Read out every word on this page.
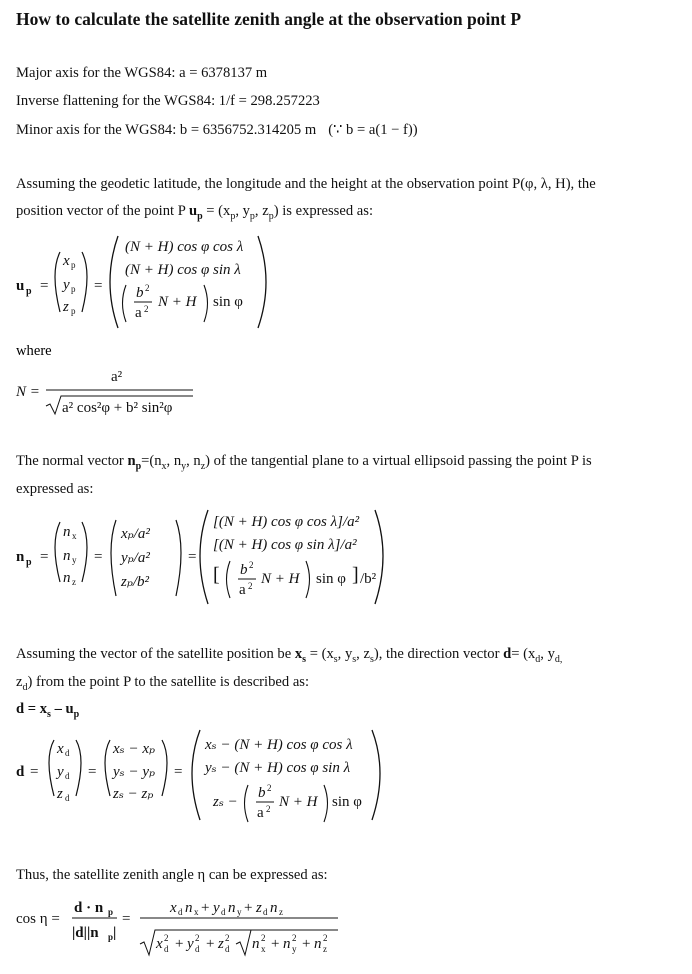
How to calculate the satellite zenith angle at the observation point P
Major axis for the WGS84: a = 6378137 m
Inverse flattening for the WGS84: 1/f = 298.257223
Minor axis for the WGS84: b = 6356752.314205 m (∵ b = a(1 − f))
Assuming the geodetic latitude, the longitude and the height at the observation point P(φ, λ, H), the
position vector of the point P $u_p = (x_p$, $y_p$, $z_p$) is expressed as:
u p =
x p
y p
z p
=
(N + H) cos φ cos λ
(N + H) cos φ sin λ
b 2
a 2 N + H sin φ
where
N =
a²
a² cos²φ + b² sin²φ
n p =
n x
n y
n z
=
xₚ/a²
yₚ/a²
zₚ/b²
=
[(N + H) cos φ cos λ]/a²
[(N + H) cos φ sin λ]/a²
[ b 2
a 2 N + H sin φ ] /b²
d =
x d
y d
z d
=
xₛ − xₚ
yₛ − yₚ
zₛ − zₚ
=
xₛ − (N + H) cos φ cos λ
yₛ − (N + H) cos φ sin λ
zₛ −
b 2
a 2 N + H sin φ
cos η =
d · n p
|d||n p |
=
x d n x + y d n y + z d n z
x 2
d + y 2
d + z 2
d n 2
x + n 2
y + n 2
z
The normal vector $n_p=(n_x$, $n_y$, $n_z$) of the tangential plane to a virtual ellipsoid passing the point P is
expressed as:
Assuming the vector of the satellite position be $x_s = (x_s$, $y_s$, $z_s$), the direction vector $d= (x_d$, $y_{d,}$
$z_d$) from the point P to the satellite is described as:
$d = x_s - u_p$
Thus, the satellite zenith angle η can be expressed as:
